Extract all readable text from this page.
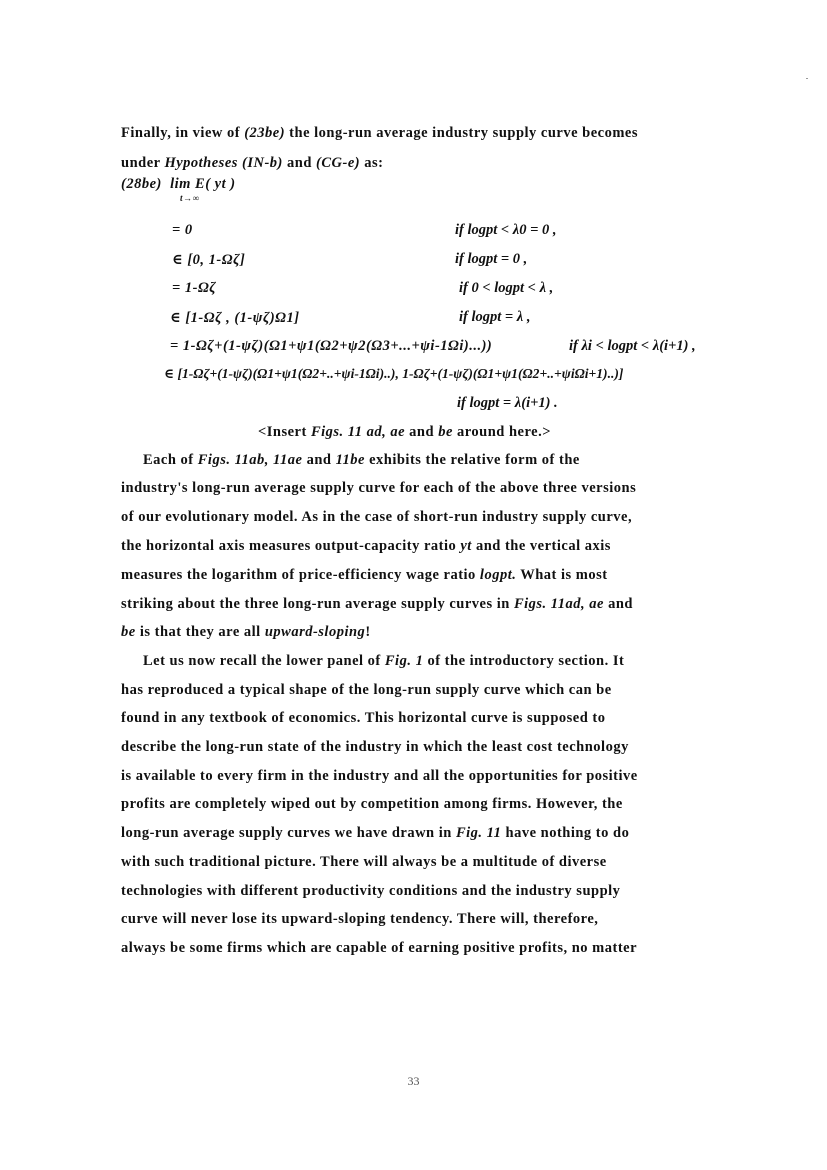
Finally, in view of (23be) the long-run average industry supply curve becomes
under Hypotheses (IN-b) and (CG-e) as:
(28be) lim E( yt )
t→∞
= 0	if logpt < λ0 = 0 ,
∈ [0, 1-Ωζ]	if logpt = 0 ,
= 1-Ωζ	if 0 < logpt < λ ,
∈ [1-Ωζ , (1-ψζ)Ω1]	if logpt = λ ,
= 1-Ωζ+(1-ψζ)(Ω1+ψ1(Ω2+ψ2(Ω3+...+ψi-1Ωi)...))	if λi < logpt < λ(i+1) ,
∈ [1-Ωζ+(1-ψζ)(Ω1+ψ1(Ω2+..+ψi-1Ωi)..), 1-Ωζ+(1-ψζ)(Ω1+ψ1(Ω2+..+ψiΩi+1)..)]
if logpt = λ(i+1) .
<Insert Figs. 11 ad, ae and be around here.>
Each of Figs. 11ab, 11ae and 11be exhibits the relative form of the
industry's long-run average supply curve for each of the above three versions
of our evolutionary model. As in the case of short-run industry supply curve,
the horizontal axis measures output-capacity ratio yt and the vertical axis
measures the logarithm of price-efficiency wage ratio logpt. What is most
striking about the three long-run average supply curves in Figs. 11ad, ae and
be is that they are all upward-sloping!
Let us now recall the lower panel of Fig. 1 of the introductory section. It
has reproduced a typical shape of the long-run supply curve which can be
found in any textbook of economics. This horizontal curve is supposed to
describe the long-run state of the industry in which the least cost technology
is available to every firm in the industry and all the opportunities for positive
profits are completely wiped out by competition among firms. However, the
long-run average supply curves we have drawn in Fig. 11 have nothing to do
with such traditional picture. There will always be a multitude of diverse
technologies with different productivity conditions and the industry supply
curve will never lose its upward-sloping tendency. There will, therefore,
always be some firms which are capable of earning positive profits, no matter
33
